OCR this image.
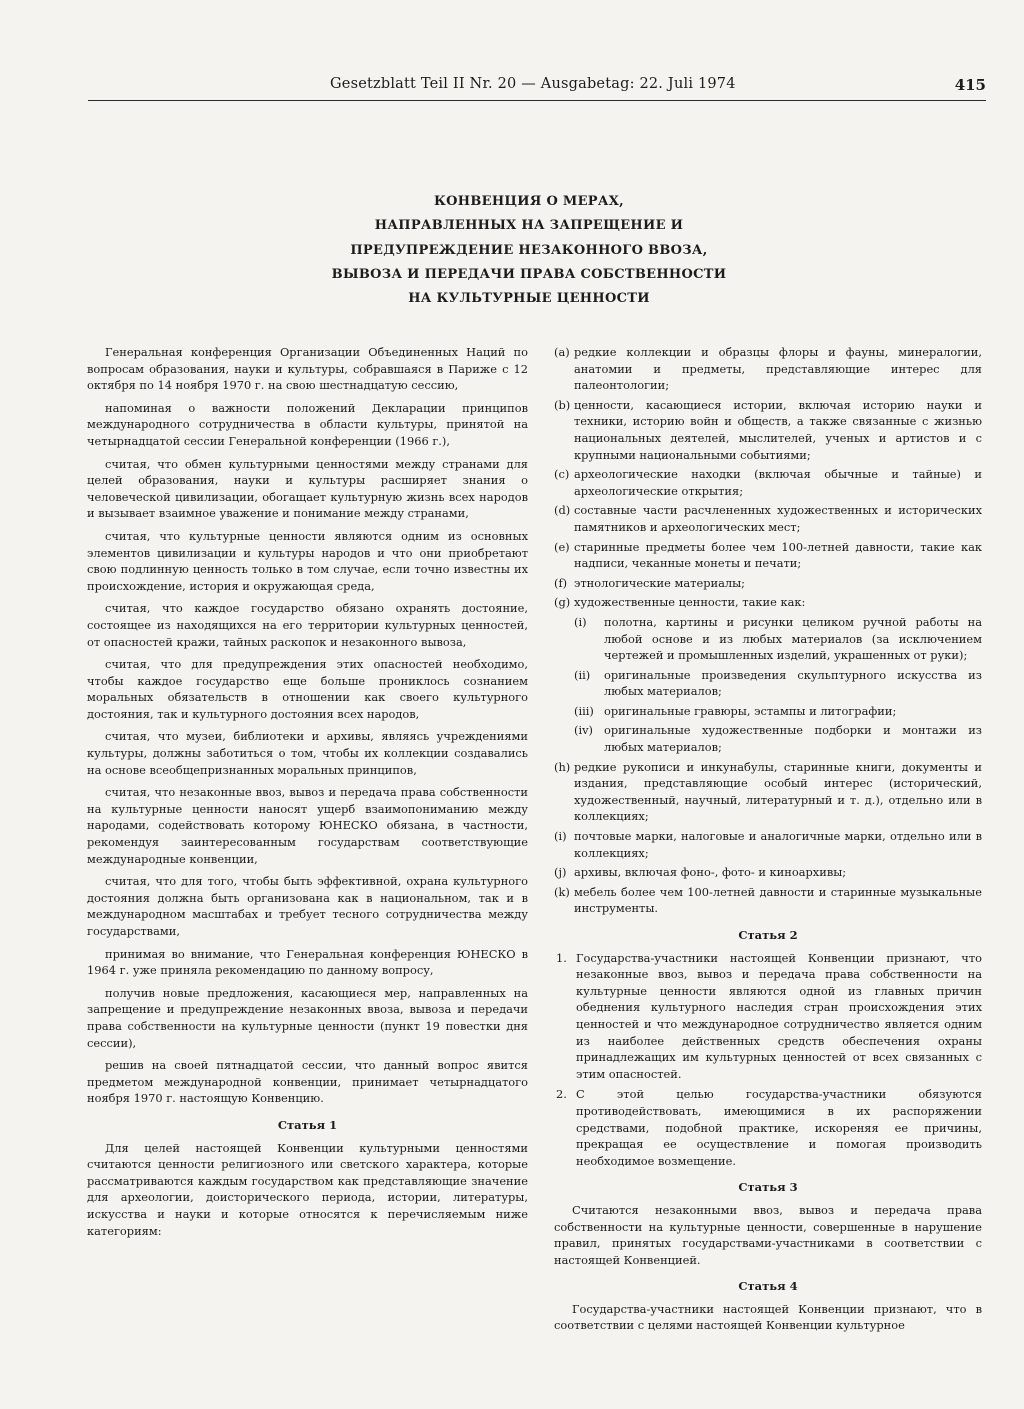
Gesetzblatt Teil II Nr. 20 — Ausgabetag: 22. Juli 1974	415
КОНВЕНЦИЯ О МЕРАХ,
НАПРАВЛЕННЫХ НА ЗАПРЕЩЕНИЕ И
ПРЕДУПРЕЖДЕНИЕ НЕЗАКОННОГО ВВОЗА,
ВЫВОЗА И ПЕРЕДАЧИ ПРАВА СОБСТВЕННОСТИ
НА КУЛЬТУРНЫЕ ЦЕННОСТИ

Генеральная конференция Организации Объединенных Наций по вопросам образования, науки и культуры, собравшаяся в Париже с 12 октября по 14 ноября 1970 г. на свою шестнадцатую сессию,

напоминая о важности положений Декларации принципов международного сотрудничества в области культуры, принятой на четырнадцатой сессии Генеральной конференции (1966 г.),

считая, что обмен культурными ценностями между странами для целей образования, науки и культуры расширяет знания о человеческой цивилизации, обогащает культурную жизнь всех народов и вызывает взаимное уважение и понимание между странами,

считая, что культурные ценности являются одним из основных элементов цивилизации и культуры народов и что они приобретают свою подлинную ценность только в том случае, если точно известны их происхождение, история и окружающая среда,

считая, что каждое государство обязано охранять достояние, состоящее из находящихся на его территории культурных ценностей, от опасностей кражи, тайных раскопок и незаконного вывоза,

считая, что для предупреждения этих опасностей необходимо, чтобы каждое государство еще больше прониклось сознанием моральных обязательств в отношении как своего культурного достояния, так и культурного достояния всех народов,

считая, что музеи, библиотеки и архивы, являясь учреждениями культуры, должны заботиться о том, чтобы их коллекции создавались на основе всеобщепризнанных моральных принципов,

считая, что незаконные ввоз, вывоз и передача права собственности на культурные ценности наносят ущерб взаимопониманию между народами, содействовать которому ЮНЕСКО обязана, в частности, рекомендуя заинтересованным государствам соответствующие международные конвенции,

считая, что для того, чтобы быть эффективной, охрана культурного достояния должна быть организована как в национальном, так и в международном масштабах и требует тесного сотрудничества между государствами,

принимая во внимание, что Генеральная конференция ЮНЕСКО в 1964 г. уже приняла рекомендацию по данному вопросу,

получив новые предложения, касающиеся мер, направленных на запрещение и предупреждение незаконных ввоза, вывоза и передачи права собственности на культурные ценности (пункт 19 повестки дня сессии),

решив на своей пятнадцатой сессии, что данный вопрос явится предметом международной конвенции, принимает четырнадцатого ноября 1970 г. настоящую Конвенцию.

Статья 1

Для целей настоящей Конвенции культурными ценностями считаются ценности религиозного или светского характера, которые рассматриваются каждым государством как представляющие значение для археологии, доисторического периода, истории, литературы, искусства и науки и которые относятся к перечисляемым ниже категориям:

(a) редкие коллекции и образцы флоры и фауны, минералогии, анатомии и предметы, представляющие интерес для палеонтологии;
(b) ценности, касающиеся истории, включая историю науки и техники, историю войн и обществ, а также связанные с жизнью национальных деятелей, мыслителей, ученых и артистов и с крупными национальными событиями;
(c) археологические находки (включая обычные и тайные) и археологические открытия;
(d) составные части расчлененных художественных и исторических памятников и археологических мест;
(e) старинные предметы более чем 100-летней давности, такие как надписи, чеканные монеты и печати;
(f) этнологические материалы;
(g) художественные ценности, такие как:
(i)	полотна, картины и рисунки целиком ручной работы на любой основе и из любых материалов (за исключением чертежей и промышленных изделий, украшенных от руки);
(ii)	оригинальные произведения скульптурного искусства из любых материалов;
(iii) оригинальные гравюры, эстампы и литографии;
(iv) оригинальные художественные подборки и монтажи из любых материалов;
(h) редкие рукописи и инкунабулы, старинные книги, документы и издания, представляющие особый интерес (исторический, художественный, научный, литературный и т. д.), отдельно или в коллекциях;
(i) почтовые марки, налоговые и аналогичные марки, отдельно или в коллекциях;
(j) архивы, включая фоно-, фото- и киноархивы;
(k) мебель более чем 100-летней давности и старинные музыкальные инструменты.
Статья 2
1. Государства-участники настоящей Конвенции признают, что незаконные ввоз, вывоз и передача права собственности на культурные ценности являются одной из главных причин обеднения культурного наследия стран происхождения этих ценностей и что международное сотрудничество является одним из наиболее действенных средств обеспечения охраны принадлежащих им культурных ценностей от всех связанных с этим опасностей.
2. С этой целью государства-участники обязуются противодействовать, имеющимися в их распоряжении средствами, подобной практике, искореняя ее причины, прекращая ее осуществление и помогая производить необходимое возмещение.
Статья 3

Считаются незаконными ввоз, вывоз и передача права собственности на культурные ценности, совершенные в нарушение правил, принятых государствами-участниками в соответствии с настоящей Конвенцией.

Статья 4

Государства-участники настоящей Конвенции признают, что в соответствии с целями настоящей Конвенции культурное
